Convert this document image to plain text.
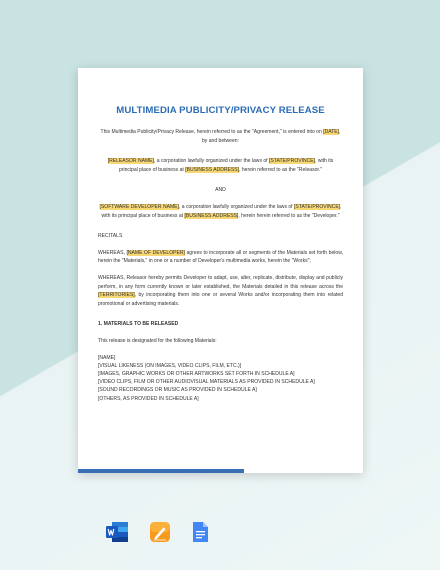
MULTIMEDIA PUBLICITY/PRIVACY RELEASE

This Multimedia Publicity/Privacy Release, herein referred to as the "Agreement," is entered into on [DATE], by and between:

[RELEASOR NAME], a corporation lawfully organized under the laws of [STATE/PROVINCE], with its principal place of business at [BUSINESS ADDRESS], herein referred to as the "Releasor."

AND

[SOFTWARE DEVELOPER NAME], a corporation lawfully organized under the laws of [STATE/PROVINCE], with its principal place of business at [BUSINESS ADDRESS], herein herein referred to as the "Developer."

RECITALS

WHEREAS, [NAME OF DEVELOPER] agrees to incorporate all or segments of the Materials set forth below, herein the "Materials," in one or a number of Developer's multimedia works, herein the "Works";

WHEREAS, Releasor hereby permits Developer to adapt, use, alter, replicate, distribute, display and publicly perform, in any form currently known or later established, the Materials detailed in this release across the [TERRITORIES], by incorporating them into one or several Works and/or incorporating them into related promotional or advertising materials.

1. MATERIALS TO BE RELEASED

This release is designated for the following Materials:

[NAME]
[VISUAL LIKENESS (ON IMAGES, VIDEO CLIPS, FILM, ETC.)]
[IMAGES, GRAPHIC WORKS OR OTHER ARTWORKS SET FORTH IN SCHEDULE A]
[VIDEO CLIPS, FILM OR OTHER AUDIOVISUAL MATERIALS AS PROVIDED IN SCHEDULE A]
[SOUND RECORDINGS OR MUSIC AS PROVIDED IN SCHEDULE A]
[OTHERS, AS PROVIDED IN SCHEDULE A]
